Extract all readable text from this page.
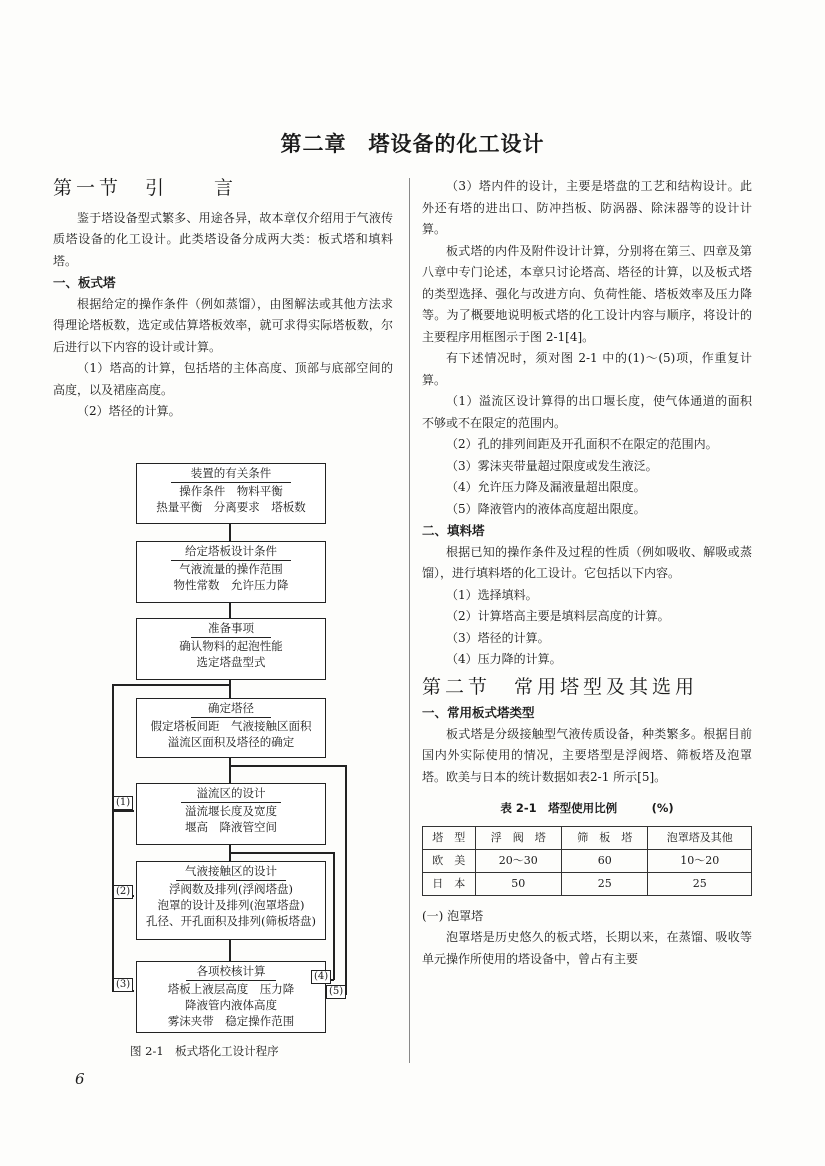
第二章　塔设备的化工设计

第一节　引　　言

鉴于塔设备型式繁多、用途各异，故本章仅介绍用于气液传质塔设备的化工设计。此类塔设备分成两大类：板式塔和填料塔。

一、板式塔

根据给定的操作条件（例如蒸馏），由图解法或其他方法求得理论塔板数，选定或估算塔板效率，就可求得实际塔板数，尔后进行以下内容的设计或计算。

（1）塔高的计算，包括塔的主体高度、顶部与底部空间的高度，以及裙座高度。

（2）塔径的计算。

装置的有关条件
操作条件　物料平衡
热量平衡　分离要求　塔板数
给定塔板设计条件
气液流量的操作范围
物性常数　允许压力降
准备事项
确认物料的起泡性能
选定塔盘型式
确定塔径
假定塔板间距　气液接触区面积
溢流区面积及塔径的确定
溢流区的设计
溢流堰长度及宽度
堰高　降液管空间
气液接触区的设计
浮阀数及排列(浮阀塔盘)
泡罩的设计及排列(泡罩塔盘)
孔径、开孔面积及排列(筛板塔盘)
各项校核计算
塔板上液层高度　压力降
降液管内液体高度
雾沫夹带　稳定操作范围
(1)
(2)
(3)
(4)
(5)
图 2-1　板式塔化工设计程序
6

（3）塔内件的设计，主要是塔盘的工艺和结构设计。此外还有塔的进出口、防冲挡板、防涡器、除沫器等的设计计算。

板式塔的内件及附件设计计算，分别将在第三、四章及第八章中专门论述，本章只讨论塔高、塔径的计算，以及板式塔的类型选择、强化与改进方向、负荷性能、塔板效率及压力降等。为了概要地说明板式塔的化工设计内容与顺序，将设计的主要程序用框图示于图 2-1[4]。

有下述情况时，须对图 2-1 中的(1)～(5)项，作重复计算。

（1）溢流区设计算得的出口堰长度，使气体通道的面积不够或不在限定的范围内。

（2）孔的排列间距及开孔面积不在限定的范围内。

（3）雾沫夹带量超过限度或发生液泛。

（4）允许压力降及漏液量超出限度。

（5）降液管内的液体高度超出限度。

二、填料塔

根据已知的操作条件及过程的性质（例如吸收、解吸或蒸馏），进行填料塔的化工设计。它包括以下内容。

（1）选择填料。

（2）计算塔高主要是填料层高度的计算。

（3）塔径的计算。

（4）压力降的计算。

第二节　常用塔型及其选用

一、常用板式塔类型

板式塔是分级接触型气液传质设备，种类繁多。根据目前国内外实际使用的情况，主要塔型是浮阀塔、筛板塔及泡罩塔。欧美与日本的统计数据如表2-1 所示[5]。

表 2-1　塔型使用比例　　　(%)
塔　型	浮　阀　塔	筛　板　塔	泡罩塔及其他
欧　美	20～30	60	10～20
日　本	50	25	25

(一) 泡罩塔

泡罩塔是历史悠久的板式塔，长期以来，在蒸馏、吸收等单元操作所使用的塔设备中，曾占有主要
